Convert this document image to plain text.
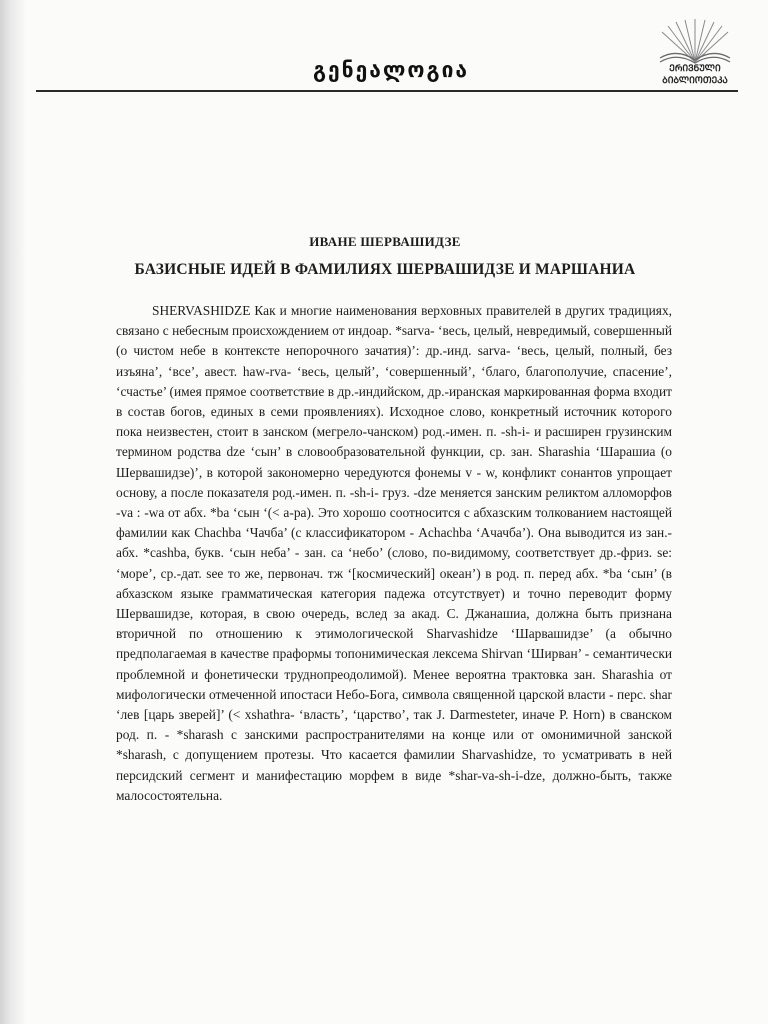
გენეალოგია	ᲔᲠᲘᲕᲜᲣᲚᲘ
ᲑᲘᲑᲚᲘᲝᲗᲔᲙᲐ
ИВАНЕ ШЕРВАШИДЗЕ
БАЗИСНЫЕ ИДЕЙ В ФАМИЛИЯХ ШЕРВАШИДЗЕ И МАРШАНИА
SHERVASHIDZE Как и многие наименования верховных правителей в других традициях, связано с небесным происхождением от индоар. *sarva- ‘весь, целый, невредимый, совершенный (о чистом небе в контексте непорочного зачатия)’: др.-инд. sarva- ‘весь, целый, полный, без изъяна’, ‘все’, авест. haw-rva- ‘весь, целый’, ‘совершенный’, ‘благо, благополучие, спасение’, ‘счастье’ (имея прямое соответствие в др.-индийском, др.-иранская маркированная форма входит в состав богов, единых в семи проявлениях). Исходное слово, конкретный источник которого пока неизвестен, стоит в занском (мегрело-чанском) род.-имен. п. -sh-i- и расширен грузинским термином родства dze ‘сын’ в словообразовательной функции, ср. зан. Sharashia ‘Шарашиа (о Шервашидзе)’, в которой закономерно чередуются фонемы v - w, конфликт сонантов упрощает основу, а после показателя род.-имен. п. -sh-i- груз. -dze меняется занским реликтом алломорфов -va : -wa от абх. *ba ‘сын ‘(< а-ра). Это хорошо соотносится с абхазским толкованием настоящей фамилии как Chachba ‘Чачба’ (с классификатором - Achachba ‘Ачачба’). Она выводится из зан.-абх. *cashba, букв. ‘сын неба’ - зан. ca ‘небо’ (слово, по-видимому, соответствует др.-фриз. se: ‘море’, ср.-дат. see то же, первонач. тж ‘[космический] океан’) в род. п. перед абх. *ba ‘сын’ (в абхазском языке грамматическая категория падежа отсутствует) и точно переводит форму Шервашидзе, которая, в свою очередь, вслед за акад. С. Джанашиа, должна быть признана вторичной по отношению к этимологической Sharvashidze ‘Шарвашидзе’ (а обычно предполагаемая в качестве праформы топонимическая лексема Shirvan ‘Ширван’ - семантически проблемной и фонетически труднопреодолимой). Менее вероятна трактовка зан. Sharashia от мифологически отмеченной ипостаси Небо-Бога, символа священной царской власти - перс. shar ‘лев [царь зверей]’ (< xshathra- ‘власть’, ‘царство’, так J. Darmesteter, иначе P. Horn) в сванском род. п. - *sharash с занскими распространителями на конце или от омонимичной занской *sharash, с допущением протезы. Что касается фамилии Sharvashidze, то усматривать в ней персидский сегмент и манифестацию морфем в виде *shar-va-sh-i-dze, должно-быть, также малосостоятельна.
